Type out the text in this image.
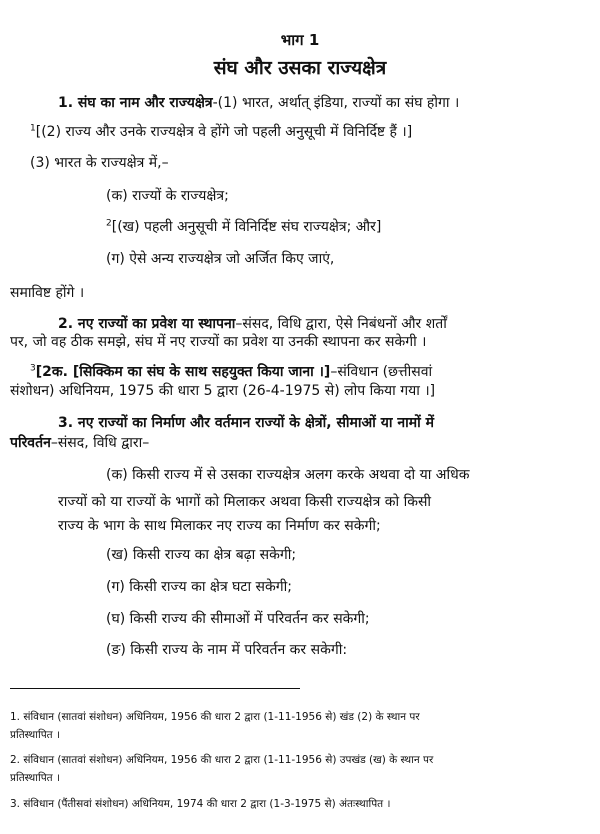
भाग 1
संघ और उसका राज्यक्षेत्र
1. संघ का नाम और राज्यक्षेत्र-(1) भारत, अर्थात् इंडिया, राज्यों का संघ होगा ।
$^1$[(2) राज्य और उनके राज्यक्षेत्र वे होंगे जो पहली अनुसूची में विनिर्दिष्ट हैं ।]
(3) भारत के राज्यक्षेत्र में,–
(क) राज्यों के राज्यक्षेत्र;
$^2$[(ख) पहली अनुसूची में विनिर्दिष्ट संघ राज्यक्षेत्र; और]
(ग) ऐसे अन्य राज्यक्षेत्र जो अर्जित किए जाएं,
समाविष्ट होंगे ।
2. नए राज्यों का प्रवेश या स्थापना–संसद, विधि द्वारा, ऐसे निबंधनों और शर्तों
पर, जो वह ठीक समझे, संघ में नए राज्यों का प्रवेश या उनकी स्थापना कर सकेगी ।
$^3$[2क. [सिक्किम का संघ के साथ सहयुक्त किया जाना ।]–संविधान (छत्तीसवां
संशोधन) अधिनियम, 1975 की धारा 5 द्वारा (26-4-1975 से) लोप किया गया ।]
3. नए राज्यों का निर्माण और वर्तमान राज्यों के क्षेत्रों, सीमाओं या नामों में
परिवर्तन–संसद, विधि द्वारा–
(क) किसी राज्य में से उसका राज्यक्षेत्र अलग करके अथवा दो या अधिक
राज्यों को या राज्यों के भागों को मिलाकर अथवा किसी राज्यक्षेत्र को किसी
राज्य के भाग के साथ मिलाकर नए राज्य का निर्माण कर सकेगी;
(ख) किसी राज्य का क्षेत्र बढ़ा सकेगी;
(ग) किसी राज्य का क्षेत्र घटा सकेगी;
(घ) किसी राज्य की सीमाओं में परिवर्तन कर सकेगी;
(ङ) किसी राज्य के नाम में परिवर्तन कर सकेगी:
1. संविधान (सातवां संशोधन) अधिनियम, 1956 की धारा 2 द्वारा (1-11-1956 से) खंड (2) के स्थान पर
प्रतिस्थापित ।
2. संविधान (सातवां संशोधन) अधिनियम, 1956 की धारा 2 द्वारा (1-11-1956 से) उपखंड (ख) के स्थान पर
प्रतिस्थापित ।
3. संविधान (पैंतीसवां संशोधन) अधिनियम, 1974 की धारा 2 द्वारा (1-3-1975 से) अंतःस्थापित ।
